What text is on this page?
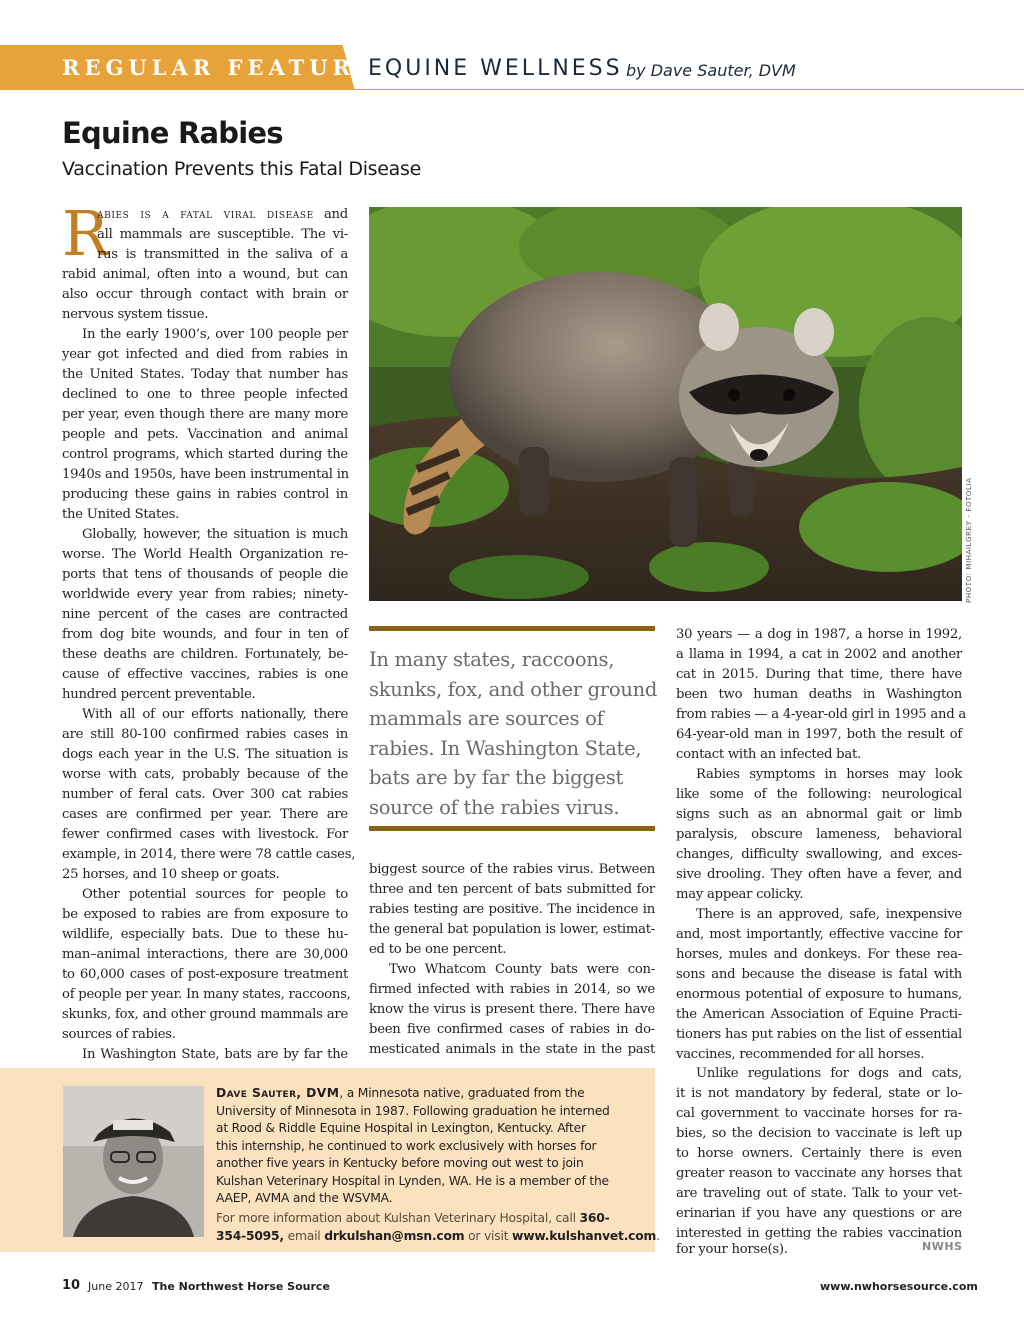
REGULAR FEATURE
EQUINE WELLNESS by Dave Sauter, DVM
Equine Rabies
Vaccination Prevents this Fatal Disease
R
abies is a fatal viral disease and
all mammals are susceptible. The vi-
rus is transmitted in the saliva of a
rabid animal, often into a wound, but can
also occur through contact with brain or
nervous system tissue.
In the early 1900’s, over 100 people per
year got infected and died from rabies in
the United States. Today that number has
declined to one to three people infected
per year, even though there are many more
people and pets. Vaccination and animal
control programs, which started during the
1940s and 1950s, have been instrumental in
producing these gains in rabies control in
the United States.
Globally, however, the situation is much
worse. The World Health Organization re-
ports that tens of thousands of people die
worldwide every year from rabies; ninety-
nine percent of the cases are contracted
from dog bite wounds, and four in ten of
these deaths are children. Fortunately, be-
cause of effective vaccines, rabies is one
hundred percent preventable.
With all of our efforts nationally, there
are still 80-100 confirmed rabies cases in
dogs each year in the U.S. The situation is
worse with cats, probably because of the
number of feral cats. Over 300 cat rabies
cases are confirmed per year. There are
fewer confirmed cases with livestock. For
example, in 2014, there were 78 cattle cases,
25 horses, and 10 sheep or goats.
Other potential sources for people to
be exposed to rabies are from exposure to
wildlife, especially bats. Due to these hu-
man–animal interactions, there are 30,000
to 60,000 cases of post-exposure treatment
of people per year. In many states, raccoons,
skunks, fox, and other ground mammals are
sources of rabies.
In Washington State, bats are by far the
PHOTO: MIHAILGREY - FOTOLIA
In many states, raccoons,
skunks, fox, and other ground
mammals are sources of
rabies. In Washington State,
bats are by far the biggest
source of the rabies virus.
biggest source of the rabies virus. Between
three and ten percent of bats submitted for
rabies testing are positive. The incidence in
the general bat population is lower, estimat-
ed to be one percent.
Two Whatcom County bats were con-
firmed infected with rabies in 2014, so we
know the virus is present there. There have
been five confirmed cases of rabies in do-
mesticated animals in the state in the past
30 years — a dog in 1987, a horse in 1992,
a llama in 1994, a cat in 2002 and another
cat in 2015. During that time, there have
been two human deaths in Washington
from rabies — a 4-year-old girl in 1995 and a
64-year-old man in 1997, both the result of
contact with an infected bat.
Rabies symptoms in horses may look
like some of the following: neurological
signs such as an abnormal gait or limb
paralysis, obscure lameness, behavioral
changes, difficulty swallowing, and exces-
sive drooling. They often have a fever, and
may appear colicky.
There is an approved, safe, inexpensive
and, most importantly, effective vaccine for
horses, mules and donkeys. For these rea-
sons and because the disease is fatal with
enormous potential of exposure to humans,
the American Association of Equine Practi-
tioners has put rabies on the list of essential
vaccines, recommended for all horses.
Unlike regulations for dogs and cats,
it is not mandatory by federal, state or lo-
cal government to vaccinate horses for ra-
bies, so the decision to vaccinate is left up
to horse owners. Certainly there is even
greater reason to vaccinate any horses that
are traveling out of state. Talk to your vet-
erinarian if you have any questions or are
interested in getting the rabies vaccination
for your horse(s).	NWHS
Dave Sauter, DVM, a Minnesota native, graduated from the
University of Minnesota in 1987. Following graduation he interned
at Rood & Riddle Equine Hospital in Lexington, Kentucky. After
this internship, he continued to work exclusively with horses for
another five years in Kentucky before moving out west to join
Kulshan Veterinary Hospital in Lynden, WA. He is a member of the
AAEP, AVMA and the WSVMA.
For more information about Kulshan Veterinary Hospital, call 360-
354-5095, email drkulshan@msn.com or visit www.kulshanvet.com.
10 June 2017 The Northwest Horse Source	www.nwhorsesource.com
